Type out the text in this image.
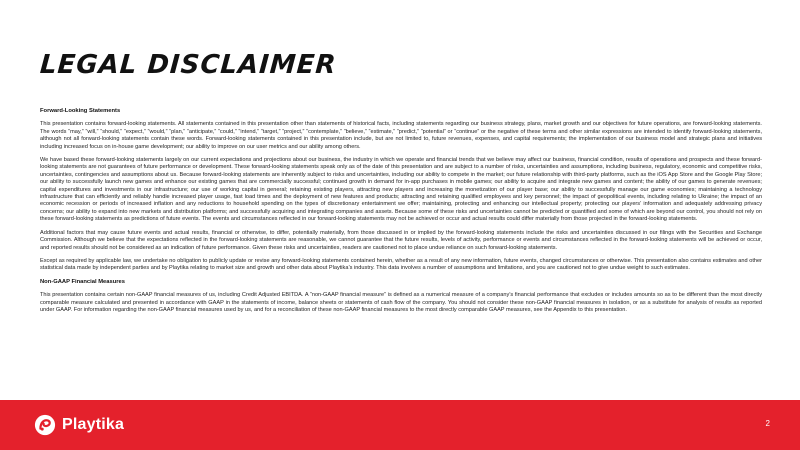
LEGAL DISCLAIMER
Forward-Looking Statements

This presentation contains forward-looking statements. All statements contained in this presentation other than statements of historical facts, including statements regarding our business strategy, plans, market growth and our objectives for future operations, are forward-looking statements. The words “may,” “will,” “should,” “expect,” “would,” “plan,” “anticipate,” “could,” “intend,” “target,” “project,” “contemplate,” “believe,” “estimate,” “predict,” “potential” or “continue” or the negative of these terms and other similar expressions are intended to identify forward-looking statements, although not all forward-looking statements contain these words. Forward-looking statements contained in this presentation include, but are not limited to, future revenues, expenses, and capital requirements; the implementation of our business model and strategic plans and initiatives including increased focus on in-house game development; our ability to improve on our user metrics and our ability among others.

We have based these forward-looking statements largely on our current expectations and projections about our business, the industry in which we operate and financial trends that we believe may affect our business, financial condition, results of operations and prospects and these forward-looking statements are not guarantees of future performance or development. These forward-looking statements speak only as of the date of this presentation and are subject to a number of risks, uncertainties and assumptions, including business, regulatory, economic and competitive risks, uncertainties, contingencies and assumptions about us. Because forward-looking statements are inherently subject to risks and uncertainties, including our ability to compete in the market; our future relationship with third-party platforms, such as the iOS App Store and the Google Play Store; our ability to successfully launch new games and enhance our existing games that are commercially successful; continued growth in demand for in-app purchases in mobile games; our ability to acquire and integrate new games and content; the ability of our games to generate revenues; capital expenditures and investments in our infrastructure; our use of working capital in general; retaining existing players, attracting new players and increasing the monetization of our player base; our ability to successfully manage our game economies; maintaining a technology infrastructure that can efficiently and reliably handle increased player usage, fast load times and the deployment of new features and products; attracting and retaining qualified employees and key personnel; the impact of geopolitical events, including relating to Ukraine; the impact of an economic recession or periods of increased inflation and any reductions to household spending on the types of discretionary entertainment we offer; maintaining, protecting and enhancing our intellectual property; protecting our players’ information and adequately addressing privacy concerns; our ability to expand into new markets and distribution platforms; and successfully acquiring and integrating companies and assets. Because some of these risks and uncertainties cannot be predicted or quantified and some of which are beyond our control, you should not rely on these forward-looking statements as predictions of future events. The events and circumstances reflected in our forward-looking statements may not be achieved or occur and actual results could differ materially from those projected in the forward-looking statements.

Additional factors that may cause future events and actual results, financial or otherwise, to differ, potentially materially, from those discussed in or implied by the forward-looking statements include the risks and uncertainties discussed in our filings with the Securities and Exchange Commission. Although we believe that the expectations reflected in the forward-looking statements are reasonable, we cannot guarantee that the future results, levels of activity, performance or events and circumstances reflected in the forward-looking statements will be achieved or occur, and reported results should not be considered as an indication of future performance. Given these risks and uncertainties, readers are cautioned not to place undue reliance on such forward-looking statements.

Except as required by applicable law, we undertake no obligation to publicly update or revise any forward-looking statements contained herein, whether as a result of any new information, future events, changed circumstances or otherwise. This presentation also contains estimates and other statistical data made by independent parties and by Playtika relating to market size and growth and other data about Playtika’s industry. This data involves a number of assumptions and limitations, and you are cautioned not to give undue weight to such estimates.

Non-GAAP Financial Measures

This presentation contains certain non-GAAP financial measures of us, including Credit Adjusted EBITDA. A “non-GAAP financial measure” is defined as a numerical measure of a company’s financial performance that excludes or includes amounts so as to be different than the most directly comparable measure calculated and presented in accordance with GAAP in the statements of income, balance sheets or statements of cash flow of the company. You should not consider these non-GAAP financial measures in isolation, or as a substitute for analysis of results as reported under GAAP. For information regarding the non-GAAP financial measures used by us, and for a reconciliation of these non-GAAP financial measures to the most directly comparable GAAP measures, see the Appendix to this presentation.

Playtika	2
